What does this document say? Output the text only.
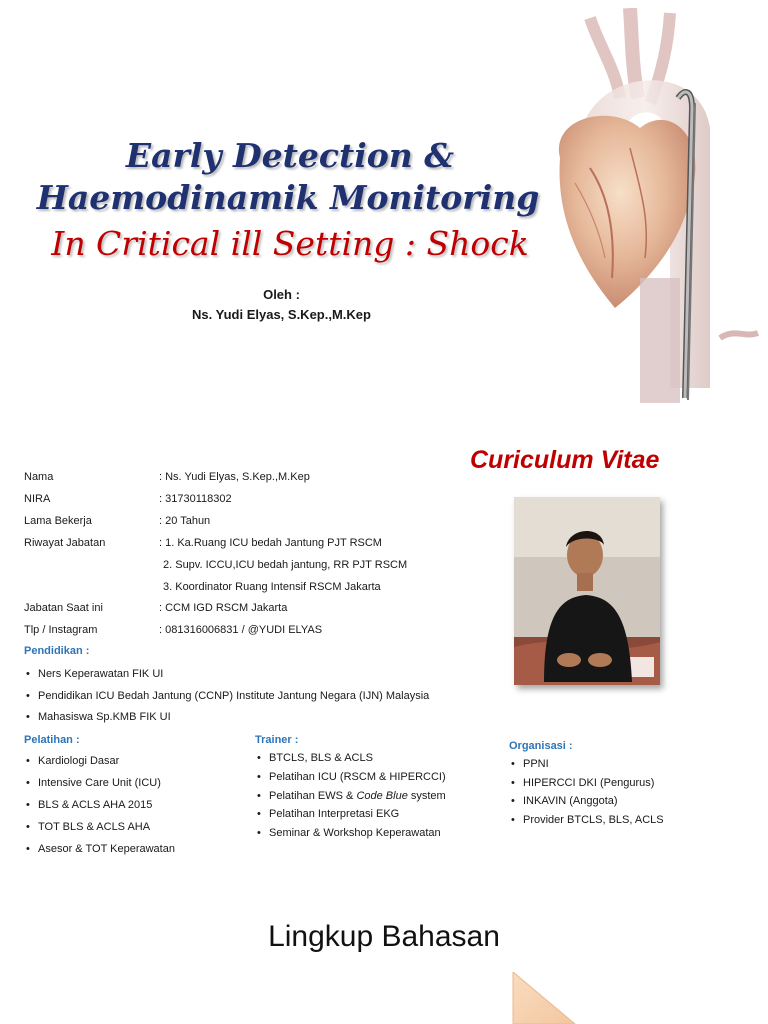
Early Detection &
Haemodinamik Monitoring
In Critical ill Setting : Shock
Oleh :
Ns. Yudi Elyas, S.Kep.,M.Kep
Curiculum Vitae
Nama	: Ns. Yudi Elyas, S.Kep.,M.Kep
NIRA	: 31730118302
Lama Bekerja	: 20 Tahun
Riwayat Jabatan	: 1. Ka.Ruang ICU bedah Jantung PJT RSCM
2. Supv. ICCU,ICU bedah jantung, RR PJT RSCM
3. Koordinator Ruang Intensif RSCM Jakarta
Jabatan Saat ini	: CCM IGD RSCM Jakarta
Tlp / Instagram	: 081316006831 / @YUDI ELYAS
Pendidikan :
• Ners Keperawatan FIK UI
• Pendidikan ICU Bedah Jantung (CCNP) Institute Jantung Negara (IJN) Malaysia
• Mahasiswa Sp.KMB FIK UI
Pelatihan :
• Kardiologi Dasar
• Intensive Care Unit (ICU)
• BLS & ACLS AHA 2015
• TOT BLS & ACLS AHA
• Asesor & TOT Keperawatan
Trainer :
• BTCLS, BLS & ACLS
• Pelatihan ICU (RSCM & HIPERCCI)
• Pelatihan EWS & Code Blue system
• Pelatihan Interpretasi EKG
• Seminar & Workshop Keperawatan
Organisasi :
• PPNI
• HIPERCCI DKI (Pengurus)
• INKAVIN (Anggota)
• Provider BTCLS, BLS, ACLS
Lingkup Bahasan
